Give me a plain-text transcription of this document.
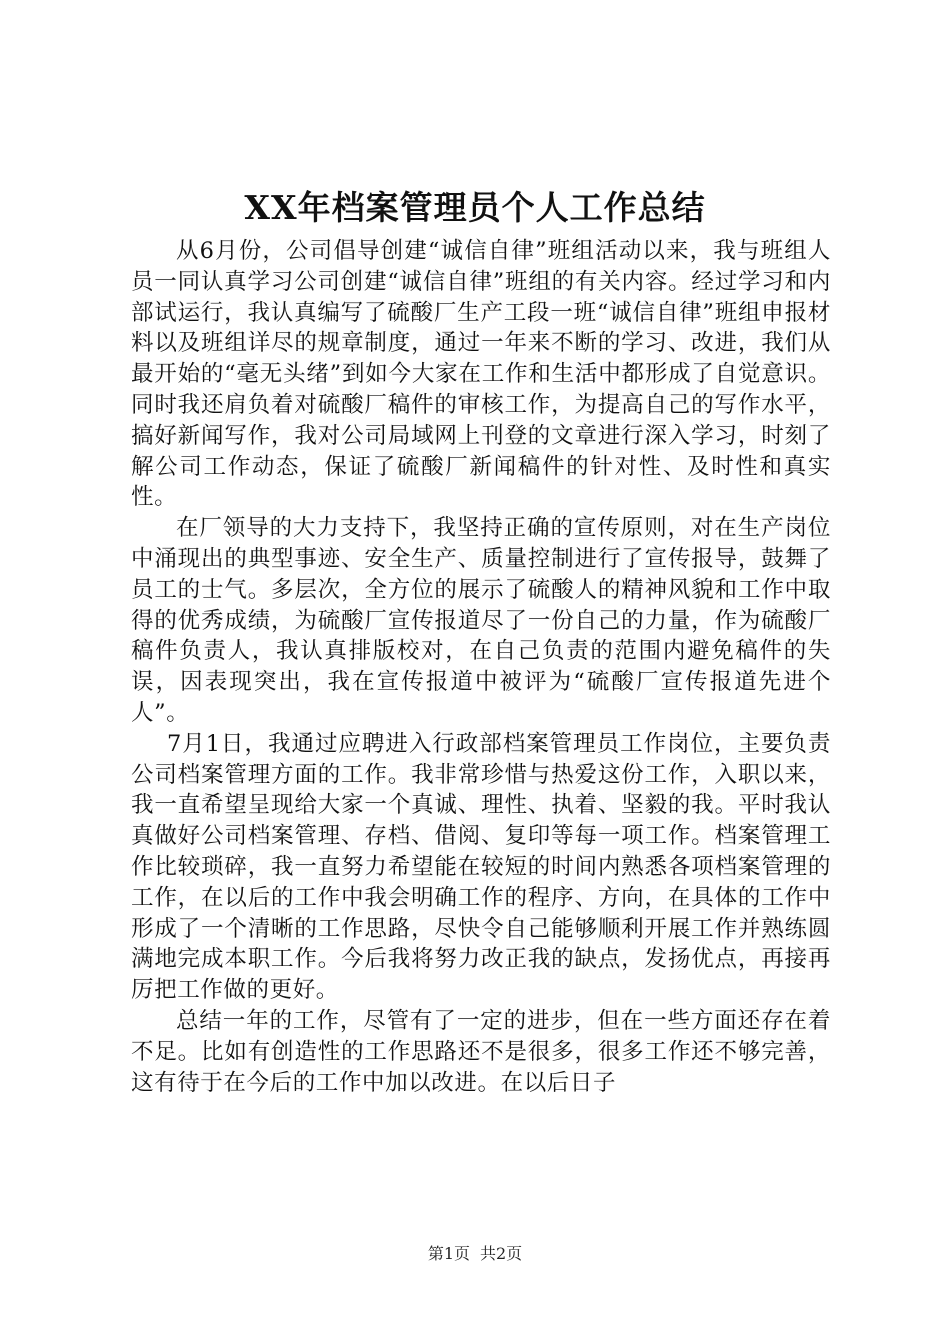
XX年档案管理员个人工作总结

从6月份，公司倡导创建“诚信自律”班组活动以来，我与班组人员一同认真学习公司创建“诚信自律”班组的有关内容。经过学习和内部试运行，我认真编写了硫酸厂生产工段一班“诚信自律”班组申报材料以及班组详尽的规章制度，通过一年来不断的学习、改进，我们从最开始的“毫无头绪”到如今大家在工作和生活中都形成了自觉意识。同时我还肩负着对硫酸厂稿件的审核工作，为提高自己的写作水平，搞好新闻写作，我对公司局域网上刊登的文章进行深入学习，时刻了解公司工作动态，保证了硫酸厂新闻稿件的针对性、及时性和真实性。

在厂领导的大力支持下，我坚持正确的宣传原则，对在生产岗位中涌现出的典型事迹、安全生产、质量控制进行了宣传报导，鼓舞了员工的士气。多层次，全方位的展示了硫酸人的精神风貌和工作中取得的优秀成绩，为硫酸厂宣传报道尽了一份自己的力量，作为硫酸厂稿件负责人，我认真排版校对，在自己负责的范围内避免稿件的失误，因表现突出，我在宣传报道中被评为“硫酸厂宣传报道先进个人”。

7月1日，我通过应聘进入行政部档案管理员工作岗位，主要负责公司档案管理方面的工作。我非常珍惜与热爱这份工作，入职以来，我一直希望呈现给大家一个真诚、理性、执着、坚毅的我。平时我认真做好公司档案管理、存档、借阅、复印等每一项工作。档案管理工作比较琐碎，我一直努力希望能在较短的时间内熟悉各项档案管理的工作，在以后的工作中我会明确工作的程序、方向，在具体的工作中形成了一个清晰的工作思路，尽快令自己能够顺利开展工作并熟练圆满地完成本职工作。今后我将努力改正我的缺点，发扬优点，再接再厉把工作做的更好。

总结一年的工作，尽管有了一定的进步，但在一些方面还存在着不足。比如有创造性的工作思路还不是很多，很多工作还不够完善，这有待于在今后的工作中加以改进。在以后日子

第1页 共2页
